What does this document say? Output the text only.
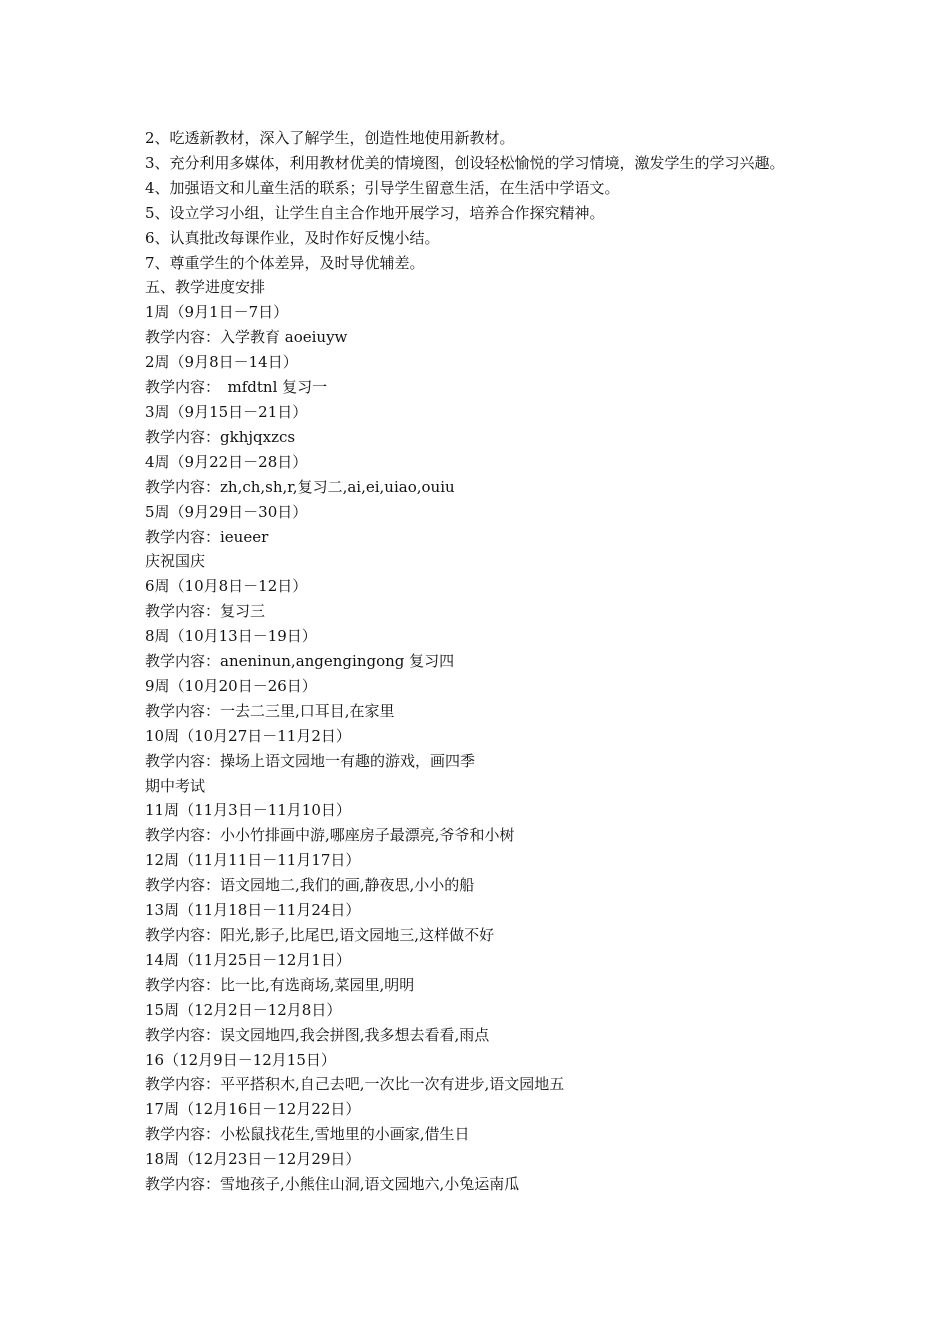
2、吃透新教材，深入了解学生，创造性地使用新教材。
3、充分利用多媒体，利用教材优美的情境图，创设轻松愉悦的学习情境，激发学生的学习兴趣。
4、加强语文和儿童生活的联系；引导学生留意生活，在生活中学语文。
5、设立学习小组，让学生自主合作地开展学习，培养合作探究精神。
6、认真批改每课作业，及时作好反愧小结。
7、尊重学生的个体差异，及时导优辅差。
五、教学进度安排
1周（9月1日－7日）
教学内容：入学教育 aoeiuyw
2周（9月8日－14日）
教学内容：　mfdtnl 复习一
3周（9月15日－21日）
教学内容：gkhjqxzcs
4周（9月22日－28日）
教学内容：zh,ch,sh,r,复习二,ai,ei,uiao,ouiu
5周（9月29日－30日）
教学内容：ieueer
庆祝国庆
6周（10月8日－12日）
教学内容：复习三
8周（10月13日－19日）
教学内容：aneninun,angengingong 复习四
9周（10月20日－26日）
教学内容：一去二三里,口耳目,在家里
10周（10月27日－11月2日）
教学内容：操场上语文园地一有趣的游戏，画四季
期中考试
11周（11月3日－11月10日）
教学内容：小小竹排画中游,哪座房子最漂亮,爷爷和小树
12周（11月11日－11月17日）
教学内容：语文园地二,我们的画,静夜思,小小的船
13周（11月18日－11月24日）
教学内容：阳光,影子,比尾巴,语文园地三,这样做不好
14周（11月25日－12月1日）
教学内容：比一比,有选商场,菜园里,明明
15周（12月2日－12月8日）
教学内容：误文园地四,我会拼图,我多想去看看,雨点
16（12月9日－12月15日）
教学内容：平平搭积木,自己去吧,一次比一次有进步,语文园地五
17周（12月16日－12月22日）
教学内容：小松鼠找花生,雪地里的小画家,借生日
18周（12月23日－12月29日）
教学内容：雪地孩子,小熊住山洞,语文园地六,小兔运南瓜
